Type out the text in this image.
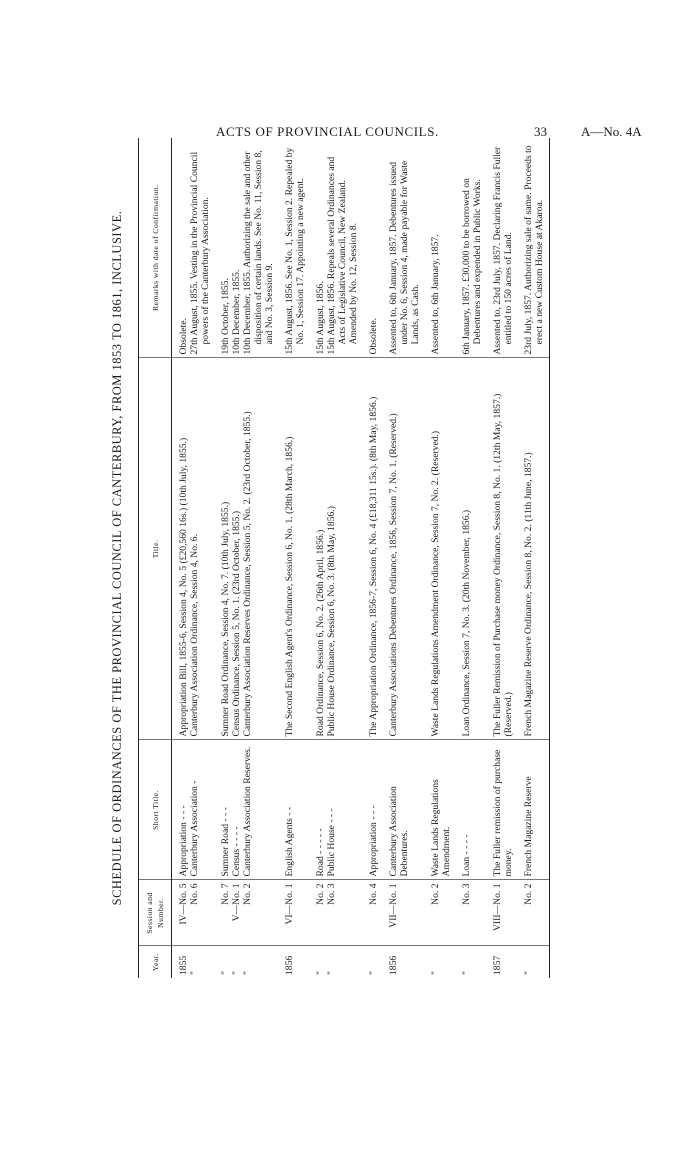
ACTS OF PROVINCIAL COUNCILS.	33	A—No. 4A
SCHEDULE OF ORDINANCES OF THE PROVINCIAL COUNCIL OF CANTERBURY, FROM 1853 TO 1861, INCLUSIVE.
Year.	Session and Number.	Short Title.	Title.	Remarks with date of Confirmation.
1855	IV—No. 5	Appropriation - - -	Appropriation Bill, 1855-6, Session 4, No. 5 (£20,560 16s.) (10th July, 1855.)	Obsolete.

"	No. 6	Canterbury Association -	Canterbury Association Ordinance, Session 4, No. 6.	27th August, 1855. Vesting in the Provincial Council powers of the Canterbury Association.

"	No. 7	Sumner Road - - -	Sumner Road Ordinance, Session 4, No. 7. (10th July, 1855.)	19th October, 1855.

"	V—No. 1	Census - - - -	Census Ordinance, Session 5, No. 1. (23rd October, 1855.)	10th December, 1855.

"	No. 2	Canterbury Association Reserves.	Canterbury Association Reserves Ordinance, Session 5, No. 2. (23rd October, 1855.)	10th December, 1855. Authorizing the sale and other disposition of certain lands. See No. 11, Session 8, and No. 3, Session 9.

1856	VI—No. 1	English Agents - -	The Second English Agent's Ordinance, Session 6, No. 1. (28th March, 1856.)	15th August, 1856. See No. 1, Session 2. Repealed by No. 1, Session 17. Appointing a new agent.

"	No. 2	Road - - - - -	Road Ordinance, Session 6, No. 2. (26th April, 1856.)	15th August, 1856.

"	No. 3	Public House - - -	Public House Ordinance, Session 6, No. 3. (8th May, 1856.)	15th August, 1856. Repeals several Ordinances and Acts of Legislative Council, New Zealand. Amended by No. 12, Session 8.

"	No. 4	Appropriation - - -	The Appropriation Ordinance, 1856-7, Session 6, No. 4 (£18,311 15s.). (8th May, 1856.)	Obsolete.

1856	VII—No. 1	Canterbury Association Debentures.	Canterbury Associations Debentures Ordinance, 1856, Session 7, No. 1. (Reserved.)	Assented to, 6th January, 1857. Debentures issued under No. 6, Session 4, made payable for Waste Lands, as Cash.

"	No. 2	Waste Lands Regulations Amendment.	Waste Lands Regulations Amendment Ordinance, Session 7, No. 2. (Reserved.)	Assented to, 6th January, 1857.

"	No. 3	Loan - - - -	Loan Ordinance, Session 7, No. 3. (20th November, 1856.)	6th January, 1857. £30,000 to be borrowed on Debentures and expended in Public Works.

1857	VIII—No. 1	The Fuller remission of purchase money.	The Fuller Remission of Purchase money Ordinance, Session 8, No. 1. (12th May, 1857.) (Reserved.)	Assented to, 23rd July, 1857. Declaring Francis Fuller entitled to 150 acres of Land.

"	No. 2	French Magazine Reserve	French Magazine Reserve Ordinance, Session 8, No. 2. (11th June, 1857.)	23rd July, 1857. Authorizing sale of same. Proceeds to erect a new Custom House at Akaroa.
